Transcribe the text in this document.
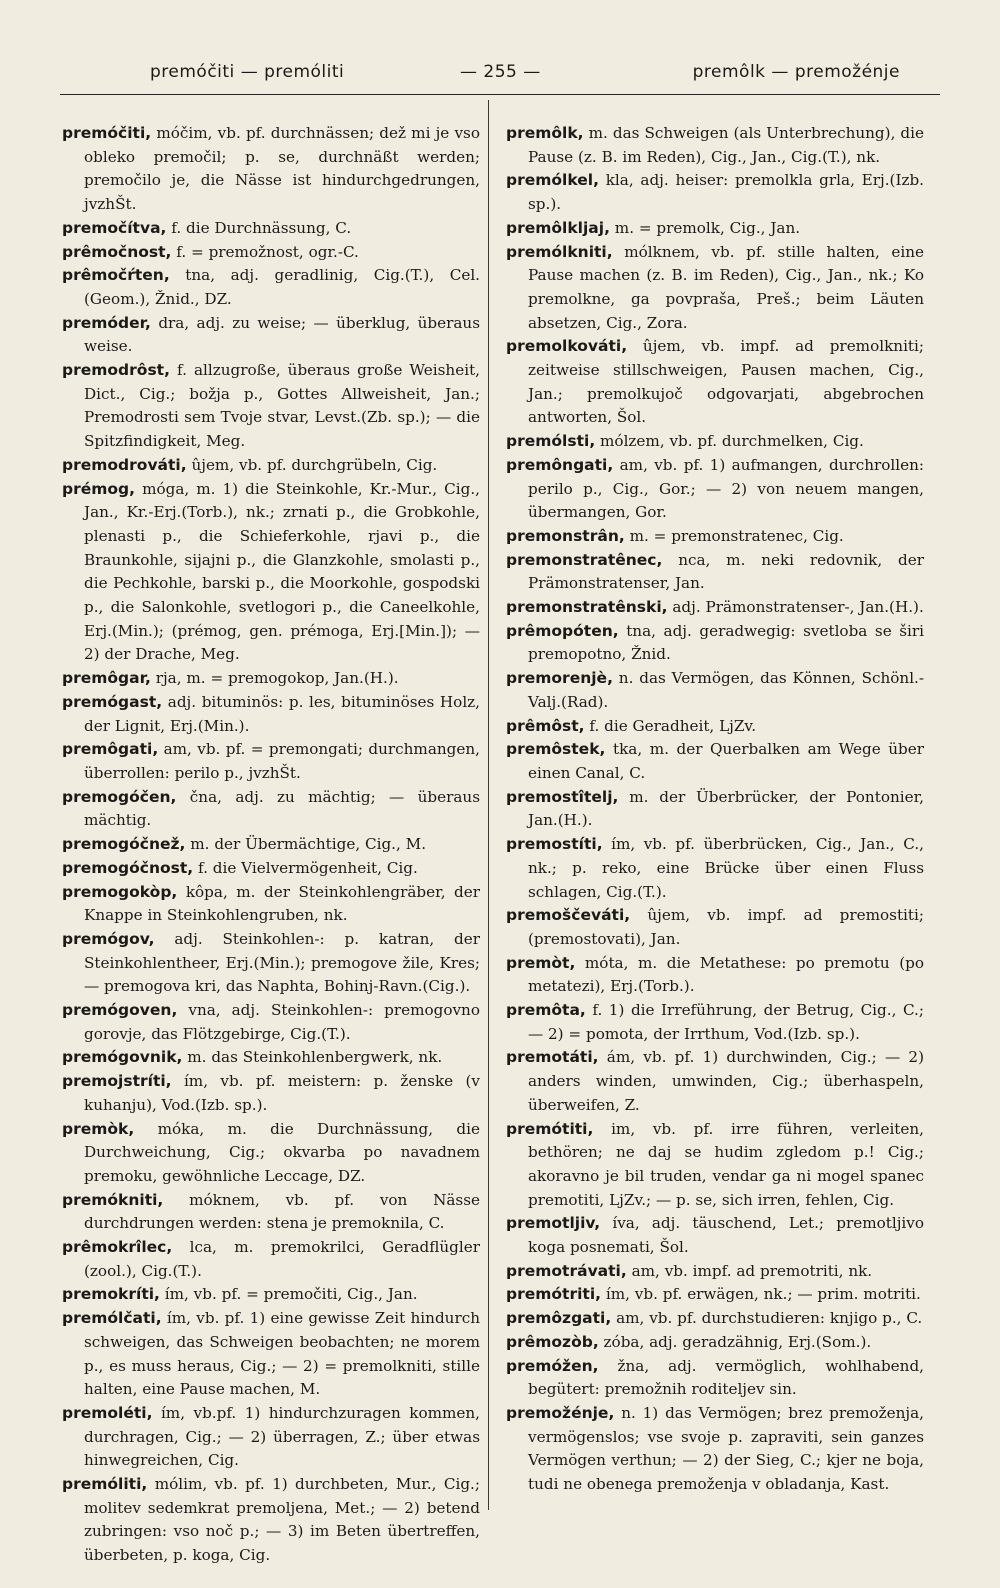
premóčiti — premóliti	— 255 —	premôlk — premožénje

premóčiti, móčim, vb. pf. durchnässen; dež mi je vso obleko premočil; p. se, durchnäßt werden; premočilo je, die Nässe ist hindurchgedrungen, jvzhŠt.

premočítva, f. die Durchnässung, C.

prêmočnost, f. = premožnost, ogr.-C.

prêmočŕten, tna, adj. geradlinig, Cig.(T.), Cel.(Geom.), Žnid., DZ.

premóder, dra, adj. zu weise; — überklug, überaus weise.

premodrôst, f. allzugroße, überaus große Weisheit, Dict., Cig.; božja p., Gottes Allweisheit, Jan.; Premodrosti sem Tvoje stvar, Levst.(Zb. sp.); — die Spitzfindigkeit, Meg.

premodrováti, ûjem, vb. pf. durchgrübeln, Cig.

prémog, móga, m. 1) die Steinkohle, Kr.-Mur., Cig., Jan., Kr.-Erj.(Torb.), nk.; zrnati p., die Grobkohle, plenasti p., die Schieferkohle, rjavi p., die Braunkohle, sijajni p., die Glanzkohle, smolasti p., die Pechkohle, barski p., die Moorkohle, gospodski p., die Salonkohle, svetlogori p., die Caneelkohle, Erj.(Min.); (prémog, gen. prémoga, Erj.[Min.]); — 2) der Drache, Meg.

premôgar, rja, m. = premogokop, Jan.(H.).

premógast, adj. bituminös: p. les, bituminöses Holz, der Lignit, Erj.(Min.).

premôgati, am, vb. pf. = premongati; durchmangen, überrollen: perilo p., jvzhŠt.

premogóčen, čna, adj. zu mächtig; — überaus mächtig.

premogóčnež, m. der Übermächtige, Cig., M.

premogóčnost, f. die Vielvermögenheit, Cig.

premogokòp, kôpa, m. der Steinkohlengräber, der Knappe in Steinkohlengruben, nk.

premógov, adj. Steinkohlen-: p. katran, der Steinkohlentheer, Erj.(Min.); premogove žile, Kres; — premogova kri, das Naphta, Bohinj-Ravn.(Cig.).

premógoven, vna, adj. Steinkohlen-: premogovno gorovje, das Flötzgebirge, Cig.(T.).

premógovnik, m. das Steinkohlenbergwerk, nk.

premojstríti, ím, vb. pf. meistern: p. ženske (v kuhanju), Vod.(Izb. sp.).

premòk, móka, m. die Durchnässung, die Durchweichung, Cig.; okvarba po navadnem premoku, gewöhnliche Leccage, DZ.

premókniti, móknem, vb. pf. von Nässe durchdrungen werden: stena je premoknila, C.

prêmokrîlec, lca, m. premokrilci, Geradflügler (zool.), Cig.(T.).

premokríti, ím, vb. pf. = premočiti, Cig., Jan.

premólčati, ím, vb. pf. 1) eine gewisse Zeit hindurch schweigen, das Schweigen beobachten; ne morem p., es muss heraus, Cig.; — 2) = premolkniti, stille halten, eine Pause machen, M.

premoléti, ím, vb.pf. 1) hindurchzuragen kommen, durchragen, Cig.; — 2) überragen, Z.; über etwas hinwegreichen, Cig.

premóliti, mólim, vb. pf. 1) durchbeten, Mur., Cig.; molitev sedemkrat premoljena, Met.; — 2) betend zubringen: vso noč p.; — 3) im Beten übertreffen, überbeten, p. koga, Cig.

premôlk, m. das Schweigen (als Unterbrechung), die Pause (z. B. im Reden), Cig., Jan., Cig.(T.), nk.

premólkel, kla, adj. heiser: premolkla grla, Erj.(Izb. sp.).

premôlkljaj, m. = premolk, Cig., Jan.

premólkniti, mólknem, vb. pf. stille halten, eine Pause machen (z. B. im Reden), Cig., Jan., nk.; Ko premolkne, ga povpraša, Preš.; beim Läuten absetzen, Cig., Zora.

premolkováti, ûjem, vb. impf. ad premolkniti; zeitweise stillschweigen, Pausen machen, Cig., Jan.; premolkujoč odgovarjati, abgebrochen antworten, Šol.

premólsti, mólzem, vb. pf. durchmelken, Cig.

premôngati, am, vb. pf. 1) aufmangen, durchrollen: perilo p., Cig., Gor.; — 2) von neuem mangen, übermangen, Gor.

premonstrân, m. = premonstratenec, Cig.

premonstratênec, nca, m. neki redovnik, der Prämonstratenser, Jan.

premonstratênski, adj. Prämonstratenser-, Jan.(H.).

prêmopóten, tna, adj. geradwegig: svetloba se širi premopotno, Žnid.

premorenjè, n. das Vermögen, das Können, Schönl.-Valj.(Rad).

prêmôst, f. die Geradheit, LjZv.

premôstek, tka, m. der Querbalken am Wege über einen Canal, C.

premostîtelj, m. der Überbrücker, der Pontonier, Jan.(H.).

premostíti, ím, vb. pf. überbrücken, Cig., Jan., C., nk.; p. reko, eine Brücke über einen Fluss schlagen, Cig.(T.).

premoščeváti, ûjem, vb. impf. ad premostiti; (premostovati), Jan.

premòt, móta, m. die Metathese: po premotu (po metatezi), Erj.(Torb.).

premôta, f. 1) die Irreführung, der Betrug, Cig., C.; — 2) = pomota, der Irrthum, Vod.(Izb. sp.).

premotáti, ám, vb. pf. 1) durchwinden, Cig.; — 2) anders winden, umwinden, Cig.; überhaspeln, überweifen, Z.

premótiti, im, vb. pf. irre führen, verleiten, bethören; ne daj se hudim zgledom p.! Cig.; akoravno je bil truden, vendar ga ni mogel spanec premotiti, LjZv.; — p. se, sich irren, fehlen, Cig.

premotljiv, íva, adj. täuschend, Let.; premotljivo koga posnemati, Šol.

premotrávati, am, vb. impf. ad premotriti, nk.

premótriti, ím, vb. pf. erwägen, nk.; — prim. motriti.

premôzgati, am, vb. pf. durchstudieren: knjigo p., C.

prêmozòb, zóba, adj. geradzähnig, Erj.(Som.).

premóžen, žna, adj. vermöglich, wohlhabend, begütert: premožnih roditeljev sin.

premožénje, n. 1) das Vermögen; brez premoženja, vermögenslos; vse svoje p. zapraviti, sein ganzes Vermögen verthun; — 2) der Sieg, C.; kjer ne boja, tudi ne obenega premoženja v obladanja, Kast.
